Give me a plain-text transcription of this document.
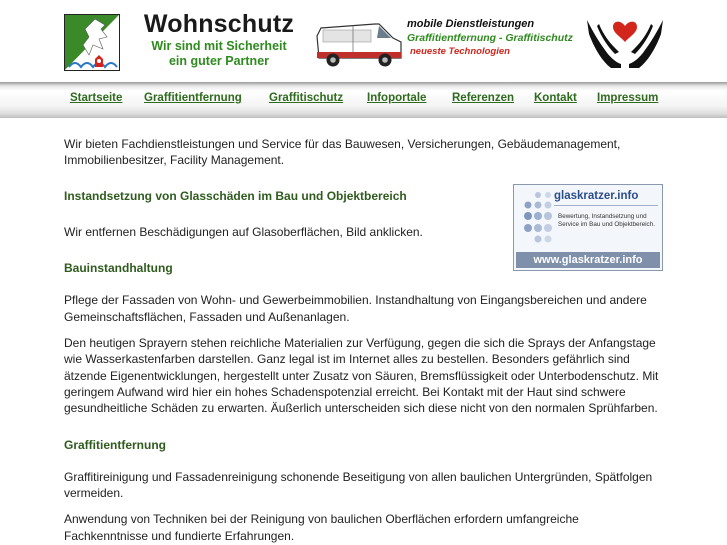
Wohnschutz
Wir sind mit Sicherheit
ein guter Partner
mobile Dienstleistungen
Graffitientfernung - Graffitischutz
neueste Technologien
Startseite Graffitientfernung Graffitischutz Infoportale Referenzen Kontakt Impressum

Wir bieten Fachdienstleistungen und Service für das Bauwesen, Versicherungen, Gebäudemanagement, Immobilienbesitzer, Facility Management.

Instandsetzung von Glasschäden im Bau und Objektbereich

Wir entfernen Beschädigungen auf Glasoberflächen, Bild anklicken.

Bauinstandhaltung

Pflege der Fassaden von Wohn- und Gewerbeimmobilien. Instandhaltung von Eingangsbereichen und andere Gemeinschaftsflächen, Fassaden und Außenanlagen.

Den heutigen Sprayern stehen reichliche Materialien zur Verfügung, gegen die sich die Sprays der Anfangstage wie Wasserkastenfarben darstellen. Ganz legal ist im Internet alles zu bestellen. Besonders gefährlich sind ätzende Eigenentwicklungen, hergestellt unter Zusatz von Säuren, Bremsflüssigkeit oder Unterbodenschutz. Mit geringem Aufwand wird hier ein hohes Schadenspotenzial erreicht. Bei Kontakt mit der Haut sind schwere gesundheitliche Schäden zu erwarten. Äußerlich unterscheiden sich diese nicht von den normalen Sprühfarben.

Graffitientfernung

Graffitireinigung und Fassadenreinigung schonende Beseitigung von allen baulichen Untergründen, Spätfolgen vermeiden.

Anwendung von Techniken bei der Reinigung von baulichen Oberflächen erfordern umfangreiche Fachkenntnisse und fundierte Erfahrungen.

glaskratzer.info
Bewertung, Instandsetzung und Service im Bau und Objektbereich.
www.glaskratzer.info
